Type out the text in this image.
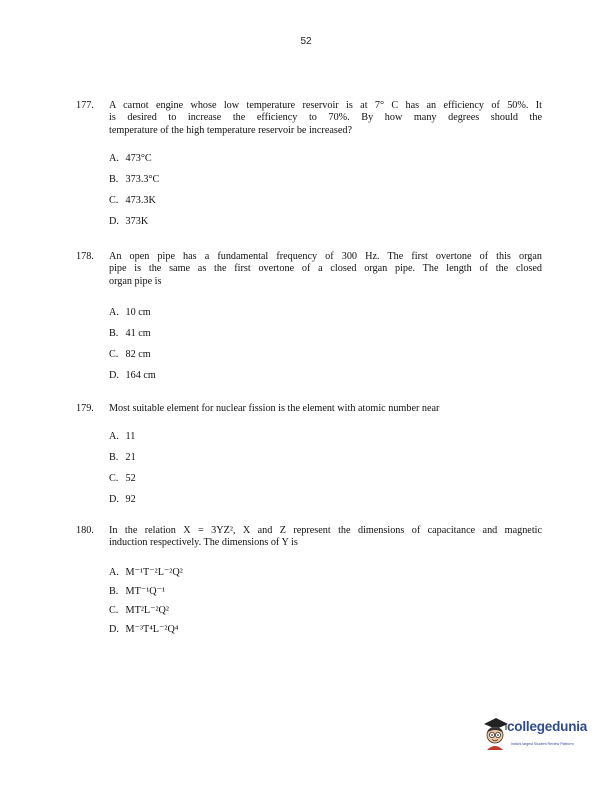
52
177.	A carnot engine whose low temperature reservoir is at 7° C has an efficiency of 50%. It
is desired to increase the efficiency to 70%. By how many degrees should the
temperature of the high temperature reservoir be increased?
A. 473°C
B. 373.3°C
C. 473.3K
D. 373K
178.	An open pipe has a fundamental frequency of 300 Hz. The first overtone of this organ
pipe is the same as the first overtone of a closed organ pipe. The length of the closed
organ pipe is
A. 10 cm
B. 41 cm
C. 82 cm
D. 164 cm
179.	Most suitable element for nuclear fission is the element with atomic number near
A. 11
B. 21
C. 52
D. 92
180.	In the relation X = 3YZ², X and Z represent the dimensions of capacitance and magnetic
induction respectively. The dimensions of Y is
A. M⁻¹T⁻²L⁻²Q²
B. MT⁻¹Q⁻¹
C. MT²L⁻²Q²
D. M⁻³T⁴L⁻²Q⁴
collegedunia
India's largest Student Review Platform
